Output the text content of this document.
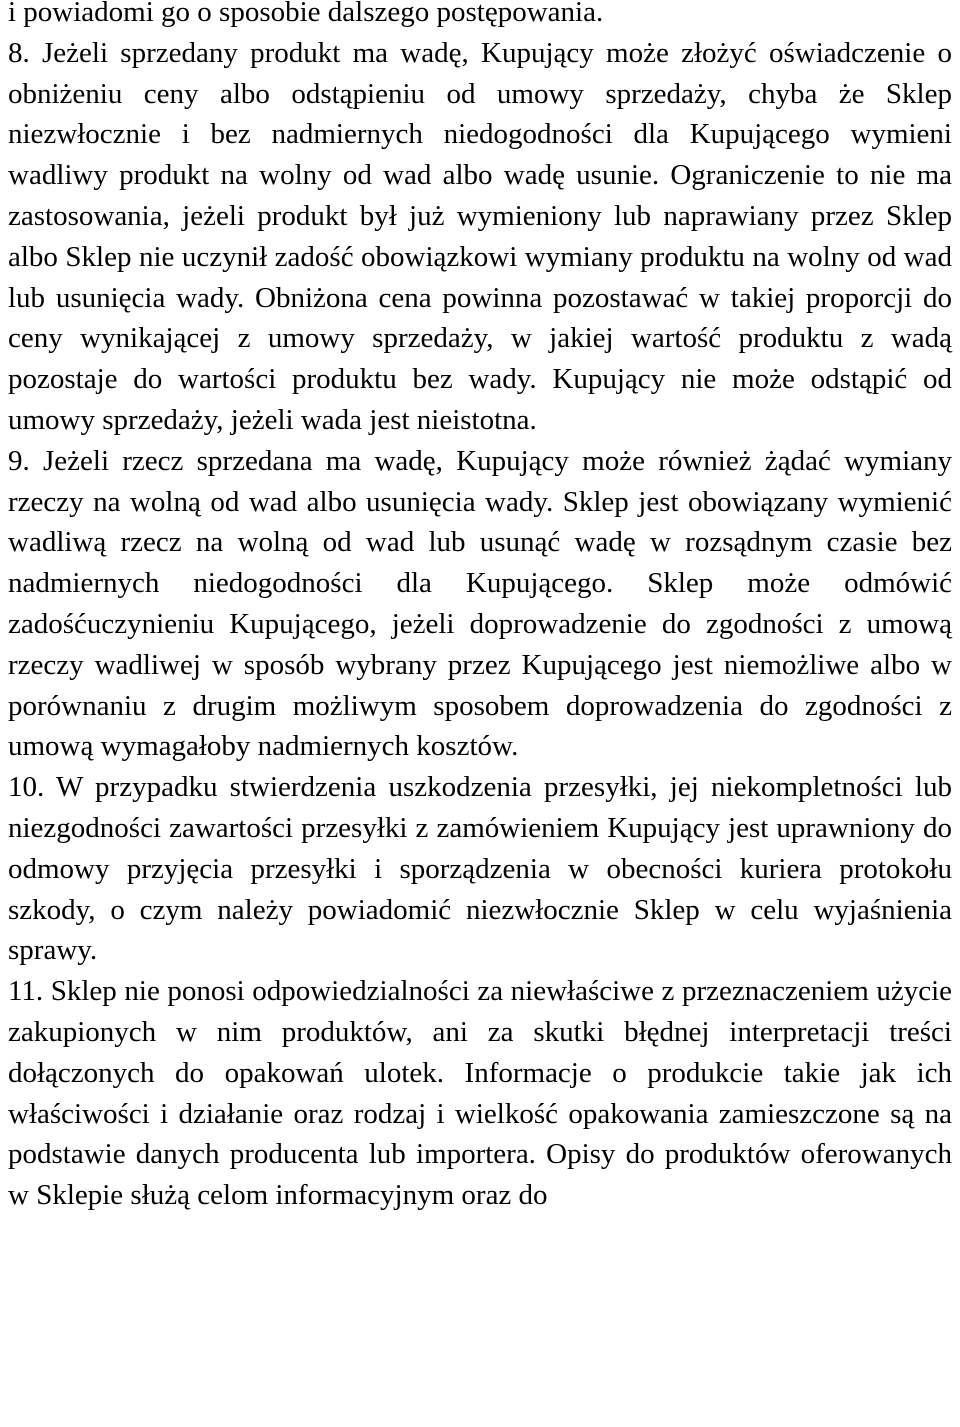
i powiadomi go o sposobie dalszego postępowania.

8. Jeżeli sprzedany produkt ma wadę, Kupujący może złożyć oświadczenie o obniżeniu ceny albo odstąpieniu od umowy sprzedaży, chyba że Sklep niezwłocznie i bez nadmiernych niedogodności dla Kupującego wymieni wadliwy produkt na wolny od wad albo wadę usunie. Ograniczenie to nie ma zastosowania, jeżeli produkt był już wymieniony lub naprawiany przez Sklep albo Sklep nie uczynił zadość obowiązkowi wymiany produktu na wolny od wad lub usunięcia wady. Obniżona cena powinna pozostawać w takiej proporcji do ceny wynikającej z umowy sprzedaży, w jakiej wartość produktu z wadą pozostaje do wartości produktu bez wady. Kupujący nie może odstąpić od umowy sprzedaży, jeżeli wada jest nieistotna.

9. Jeżeli rzecz sprzedana ma wadę, Kupujący może również żądać wymiany rzeczy na wolną od wad albo usunięcia wady. Sklep jest obowiązany wymienić wadliwą rzecz na wolną od wad lub usunąć wadę w rozsądnym czasie bez nadmiernych niedogodności dla Kupującego. Sklep może odmówić zadośćuczynieniu Kupującego, jeżeli doprowadzenie do zgodności z umową rzeczy wadliwej w sposób wybrany przez Kupującego jest niemożliwe albo w porównaniu z drugim możliwym sposobem doprowadzenia do zgodności z umową wymagałoby nadmiernych kosztów.

10. W przypadku stwierdzenia uszkodzenia przesyłki, jej niekompletności lub niezgodności zawartości przesyłki z zamówieniem Kupujący jest uprawniony do odmowy przyjęcia przesyłki i sporządzenia w obecności kuriera protokołu szkody, o czym należy powiadomić niezwłocznie Sklep w celu wyjaśnienia sprawy.

11. Sklep nie ponosi odpowiedzialności za niewłaściwe z przeznaczeniem użycie zakupionych w nim produktów, ani za skutki błędnej interpretacji treści dołączonych do opakowań ulotek. Informacje o produkcie takie jak ich właściwości i działanie oraz rodzaj i wielkość opakowania zamieszczone są na podstawie danych producenta lub importera. Opisy do produktów oferowanych w Sklepie służą celom informacyjnym oraz do
